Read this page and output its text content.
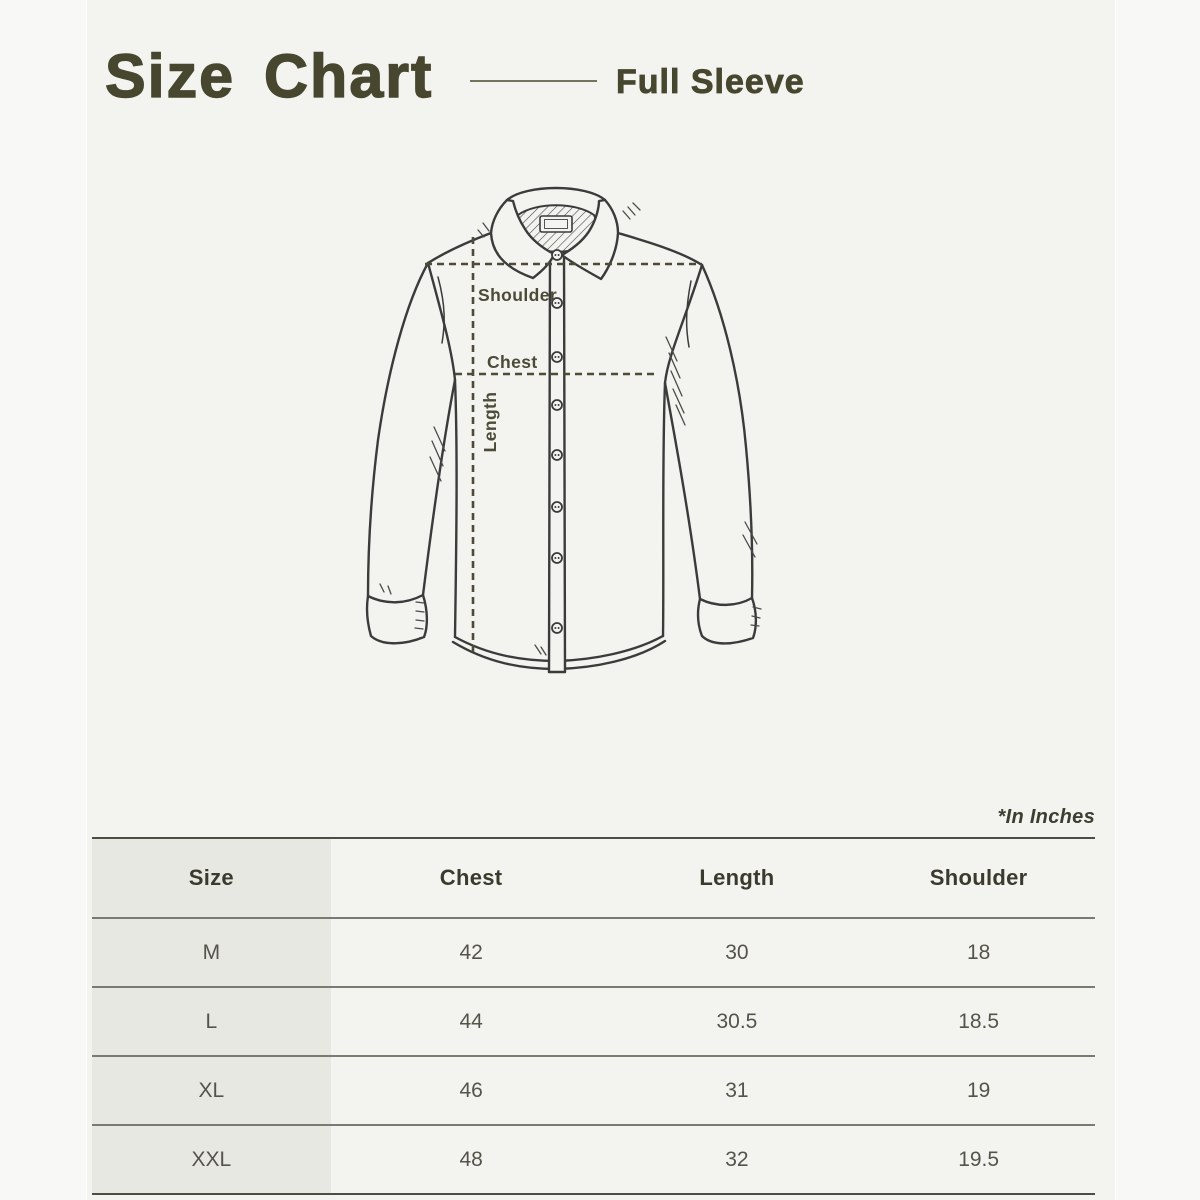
Size Chart	Full Sleeve
Shoulder
Chest
Length
*In Inches
Size	Chest	Length	Shoulder
M	42	30	18
L	44	30.5	18.5
XL	46	31	19
XXL	48	32	19.5
